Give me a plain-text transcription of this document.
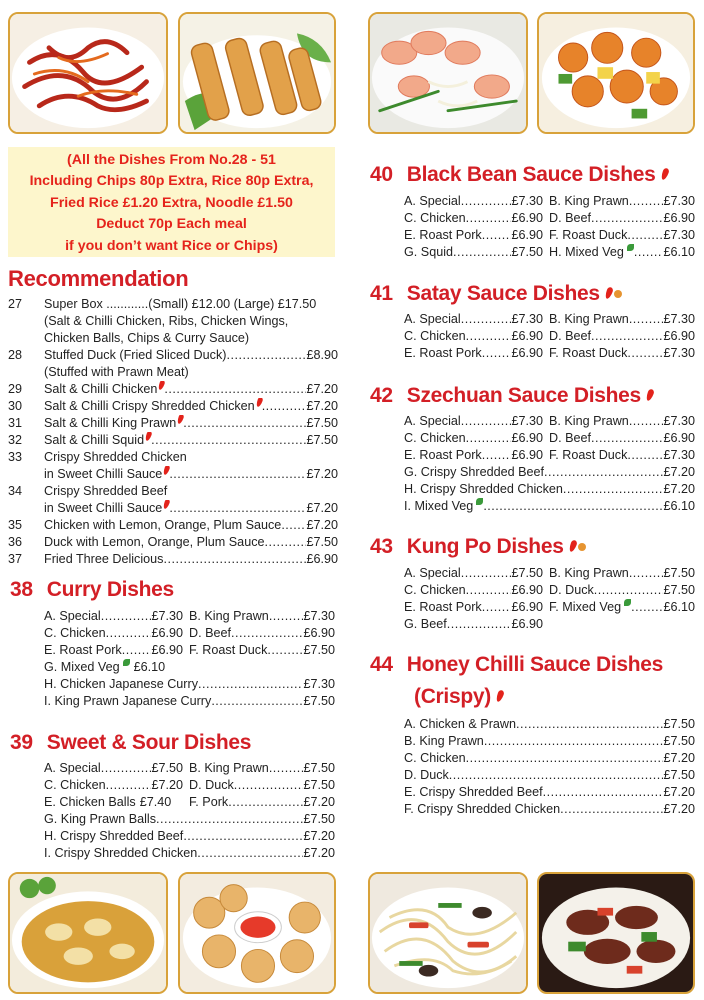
(All the Dishes From No.28 - 51
Including Chips 80p Extra, Rice 80p Extra,
Fried Rice £1.20 Extra, Noodle £1.50
Deduct 70p Each meal
if you don’t want Rice or Chips)
Recommendation
27	Super Box ............(Small) £12.00 (Large) £17.50
(Salt & Chilli Chicken, Ribs, Chicken Wings,
Chicken Balls, Chips & Curry Sauce)
28	Stuffed Duck (Fried Sliced Duck) .....	£8.90
(Stuffed with Prawn Meat)
29	Salt & Chilli Chicken .....	£7.20
30	Salt & Chilli Crispy Shredded Chicken .....	£7.20
31	Salt & Chilli King Prawn .....	£7.50
32	Salt & Chilli Squid .....	£7.50
33	Crispy Shredded Chicken
in Sweet Chilli Sauce .....	£7.20
34	Crispy Shredded Beef
in Sweet Chilli Sauce .....	£7.20
35	Chicken with Lemon, Orange, Plum Sauce ..... £7.20
36	Duck with Lemon, Orange, Plum Sauce .....	£7.50
37	Fried Three Delicious .....	£6.90
38 Curry Dishes
A. Special .....	£7.30 B. King Prawn .....	£7.30
C. Chicken .....	£6.90 D. Beef .....	£6.90
E. Roast Pork ..... £6.90 F. Roast Duck .....	£7.50
G. Mixed Veg £6.10
H. Chicken Japanese Curry .....	£7.30
I. King Prawn Japanese Curry .....	£7.50
39 Sweet & Sour Dishes
A. Special .....	£7.50 B. King Prawn .....	£7.50
C. Chicken .....	£7.20 D. Duck .....	£7.50
E. Chicken Balls £7.40 F. Pork .....	£7.20
G. King Prawn Balls .....	£7.50
H. Crispy Shredded Beef .....	£7.20
I. Crispy Shredded Chicken .....	£7.20
40 Black Bean Sauce Dishes
A. Special .....	£7.30 B. King Prawn .....	£7.30
C. Chicken .....	£6.90 D. Beef .....	£6.90
E. Roast Pork ..... £6.90 F. Roast Duck .....	£7.30
G. Squid .....	£7.50 H. Mixed Veg .....	£6.10
41 Satay Sauce Dishes
A. Special .....	£7.30 B. King Prawn .....	£7.30
C. Chicken .....	£6.90 D. Beef .....	£6.90
E. Roast Pork ..... £6.90 F. Roast Duck .....	£7.30
42 Szechuan Sauce Dishes
A. Special .....	£7.30 B. King Prawn .....	£7.30
C. Chicken .....	£6.90 D. Beef .....	£6.90
E. Roast Pork ..... £6.90 F. Roast Duck .....	£7.30
G. Crispy Shredded Beef .....	£7.20
H. Crispy Shredded Chicken .....	£7.20
I. Mixed Veg .....	£6.10
43 Kung Po Dishes
A. Special .....	£7.50 B. King Prawn .....	£7.50
C. Chicken .....	£6.90 D. Duck .....	£7.50
E. Roast Pork ..... £6.90 F. Mixed Veg .....	£6.10
G. Beef .....	£6.90
44 Honey Chilli Sauce Dishes
(Crispy)
A. Chicken & Prawn .....	£7.50
B. King Prawn .....	£7.50
C. Chicken .....	£7.20
D. Duck .....	£7.50
E. Crispy Shredded Beef .....	£7.20
F. Crispy Shredded Chicken .....	£7.20
